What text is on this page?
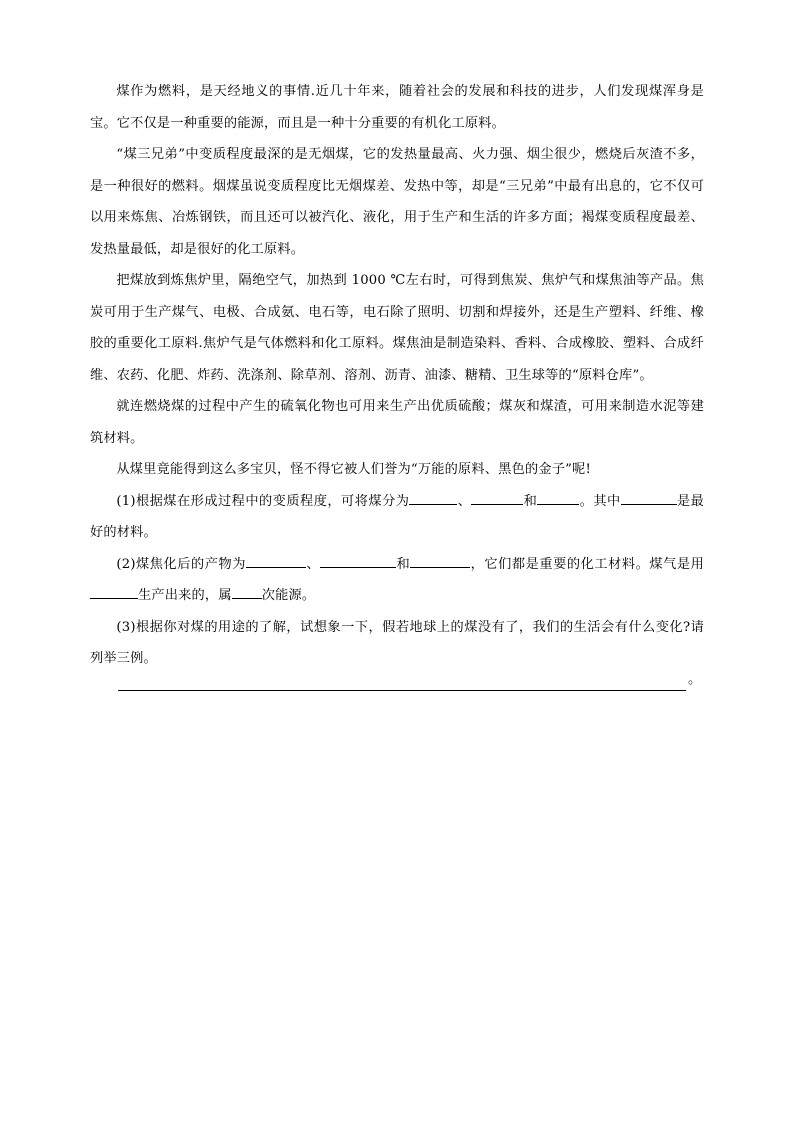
煤作为燃料，是天经地义的事情.近几十年来，随着社会的发展和科技的进步，人们发现煤浑身是宝。它不仅是一种重要的能源，而且是一种十分重要的有机化工原料。

“煤三兄弟”中变质程度最深的是无烟煤，它的发热量最高、火力强、烟尘很少，燃烧后灰渣不多，是一种很好的燃料。烟煤虽说变质程度比无烟煤差、发热中等，却是“三兄弟”中最有出息的，它不仅可以用来炼焦、冶炼钢铁，而且还可以被汽化、液化，用于生产和生活的许多方面；褐煤变质程度最差、发热量最低，却是很好的化工原料。

把煤放到炼焦炉里，隔绝空气，加热到 1000 ℃左右时，可得到焦炭、焦炉气和煤焦油等产品。焦炭可用于生产煤气、电极、合成氨、电石等，电石除了照明、切割和焊接外，还是生产塑料、纤维、橡胶的重要化工原料.焦炉气是气体燃料和化工原料。煤焦油是制造染料、香料、合成橡胶、塑料、合成纤维、农药、化肥、炸药、洗涤剂、除草剂、溶剂、沥青、油漆、糖精、卫生球等的“原料仓库”。

就连燃烧煤的过程中产生的硫氧化物也可用来生产出优质硫酸；煤灰和煤渣，可用来制造水泥等建筑材料。

从煤里竟能得到这么多宝贝，怪不得它被人们誉为“万能的原料、黑色的金子”呢!

(1)根据煤在形成过程中的变质程度，可将煤分为	、	和	。其中	是最好的材料。

(2)煤焦化后的产物为	、	和	，它们都是重要的化工材料。煤气是用生产出来的，属 次能源。

(3)根据你对煤的用途的了解，试想象一下，假若地球上的煤没有了，我们的生活会有什么变化?请列举三例。

。
